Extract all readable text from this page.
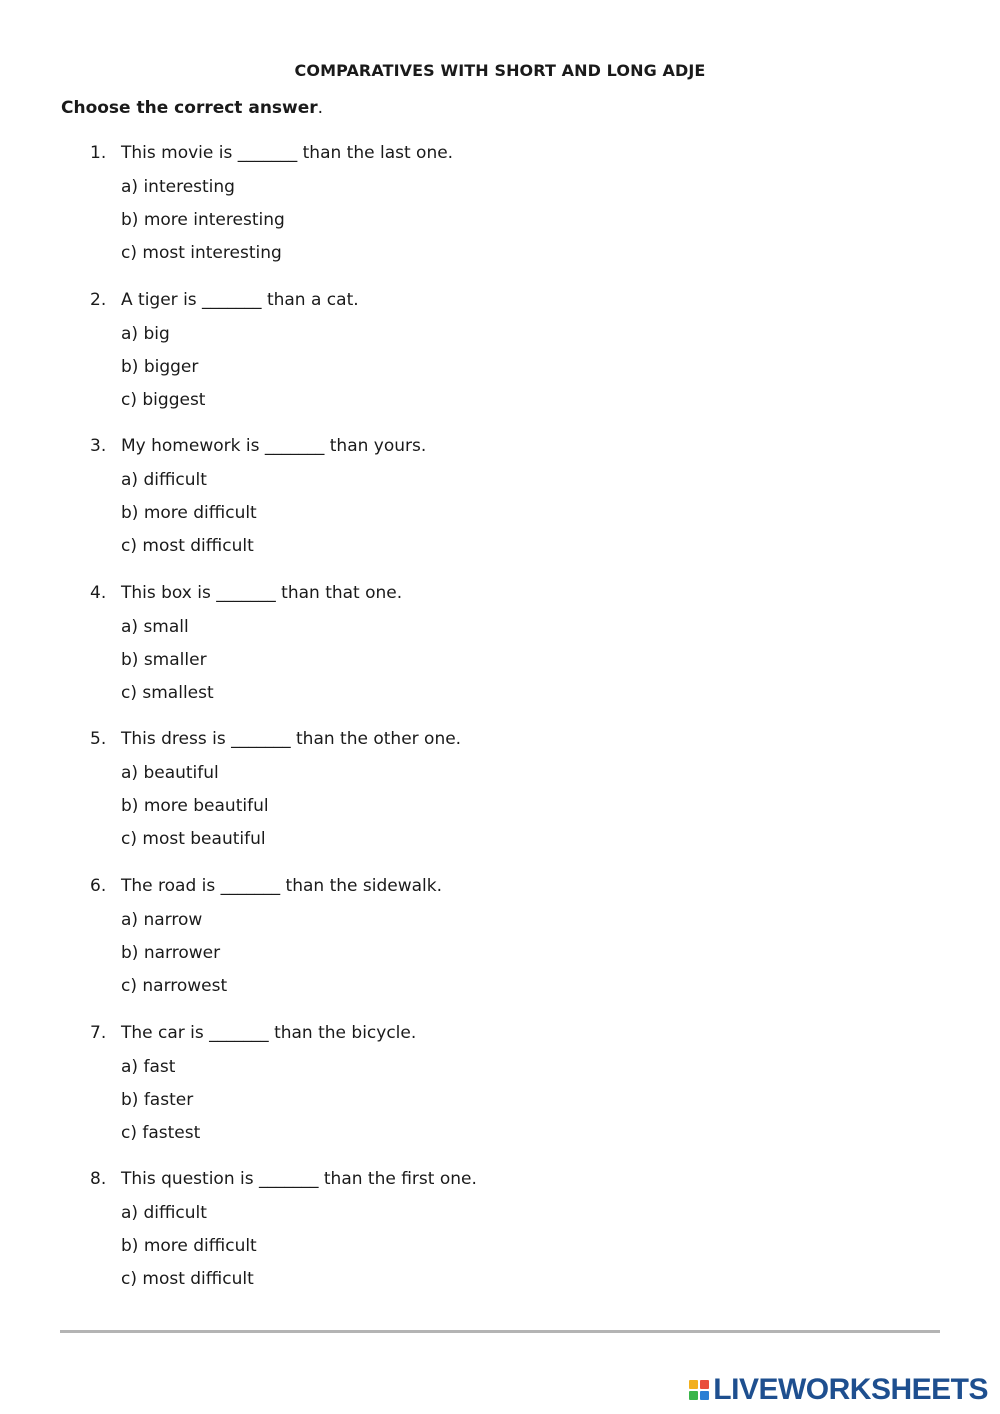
COMPARATIVES WITH SHORT AND LONG ADJE
Choose the correct answer.
1. This movie is _______ than the last one.
a) interesting
b) more interesting
c) most interesting
2. A tiger is _______ than a cat.
a) big
b) bigger
c) biggest
3. My homework is _______ than yours.
a) difficult
b) more difficult
c) most difficult
4. This box is _______ than that one.
a) small
b) smaller
c) smallest
5. This dress is _______ than the other one.
a) beautiful
b) more beautiful
c) most beautiful
6. The road is _______ than the sidewalk.
a) narrow
b) narrower
c) narrowest
7. The car is _______ than the bicycle.
a) fast
b) faster
c) fastest
8. This question is _______ than the first one.
a) difficult
b) more difficult
c) most difficult
LIVEWORKSHEETS
